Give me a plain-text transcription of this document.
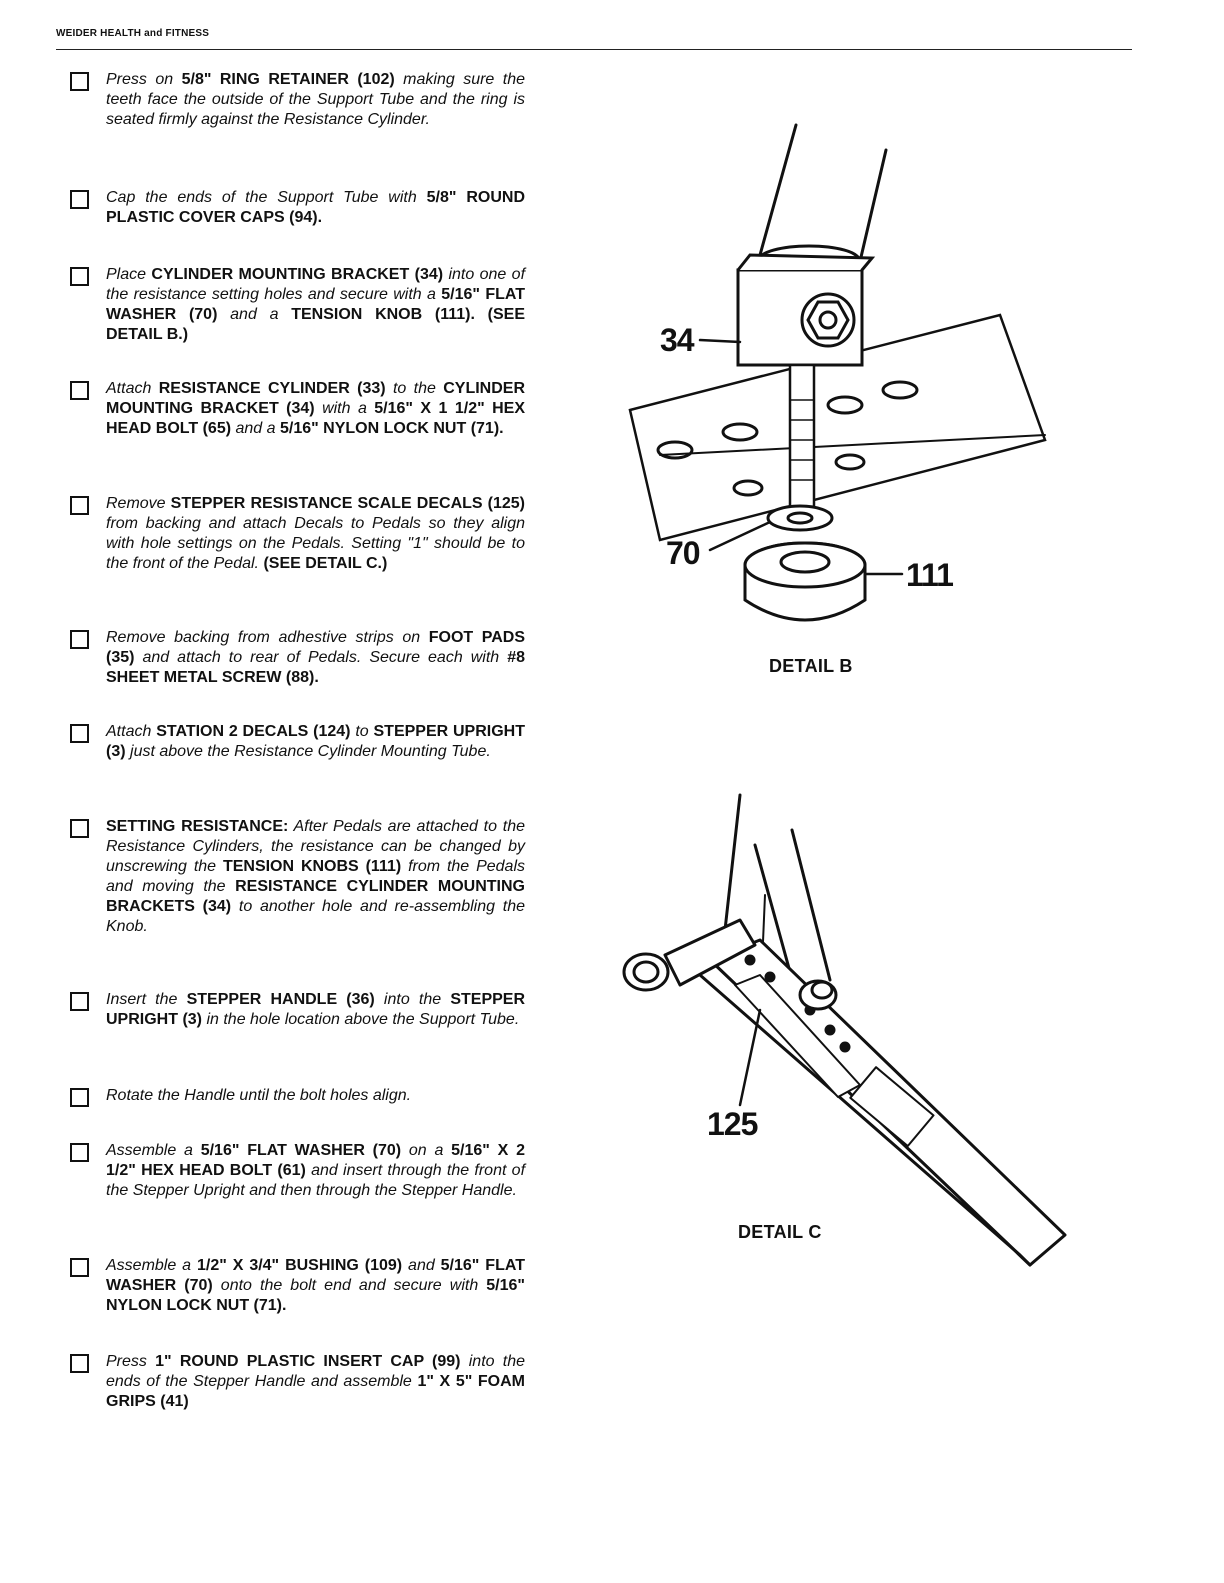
WEIDER HEALTH and FITNESS
Press on 5/8" RING RETAINER (102) making sure the teeth face the outside of the Support Tube and the ring is seated firmly against the Resistance Cylinder.
Cap the ends of the Support Tube with 5/8" ROUND PLASTIC COVER CAPS (94).
Place CYLINDER MOUNTING BRACKET (34) into one of the resistance setting holes and secure with a 5/16" FLAT WASHER (70) and a TENSION KNOB (111). (SEE DETAIL B.)
Attach RESISTANCE CYLINDER (33) to the CYLINDER MOUNTING BRACKET (34) with a 5/16" X 1 1/2" HEX HEAD BOLT (65) and a 5/16" NYLON LOCK NUT (71).
Remove STEPPER RESISTANCE SCALE DECALS (125) from backing and attach Decals to Pedals so they align with hole settings on the Pedals. Setting "1" should be to the front of the Pedal. (SEE DETAIL C.)
Remove backing from adhestive strips on FOOT PADS (35) and attach to rear of Pedals. Secure each with #8 SHEET METAL SCREW (88).
Attach STATION 2 DECALS (124) to STEPPER UPRIGHT (3) just above the Resistance Cylinder Mounting Tube.
SETTING RESISTANCE: After Pedals are attached to the Resistance Cylinders, the resistance can be changed by unscrewing the TENSION KNOBS (111) from the Pedals and moving the RESISTANCE CYLINDER MOUNTING BRACKETS (34) to another hole and re-assembling the Knob.
Insert the STEPPER HANDLE (36) into the STEPPER UPRIGHT (3) in the hole location above the Support Tube.
Rotate the Handle until the bolt holes align.
Assemble a 5/16" FLAT WASHER (70) on a 5/16" X 2 1/2" HEX HEAD BOLT (61) and insert through the front of the Stepper Upright and then through the Stepper Handle.
Assemble a 1/2" X 3/4" BUSHING (109) and 5/16" FLAT WASHER (70) onto the bolt end and secure with 5/16" NYLON LOCK NUT (71).
Press 1" ROUND PLASTIC INSERT CAP (99) into the ends of the Stepper Handle and assemble 1" X 5" FOAM GRIPS (41)
34
70
111
DETAIL B
125
DETAIL C
